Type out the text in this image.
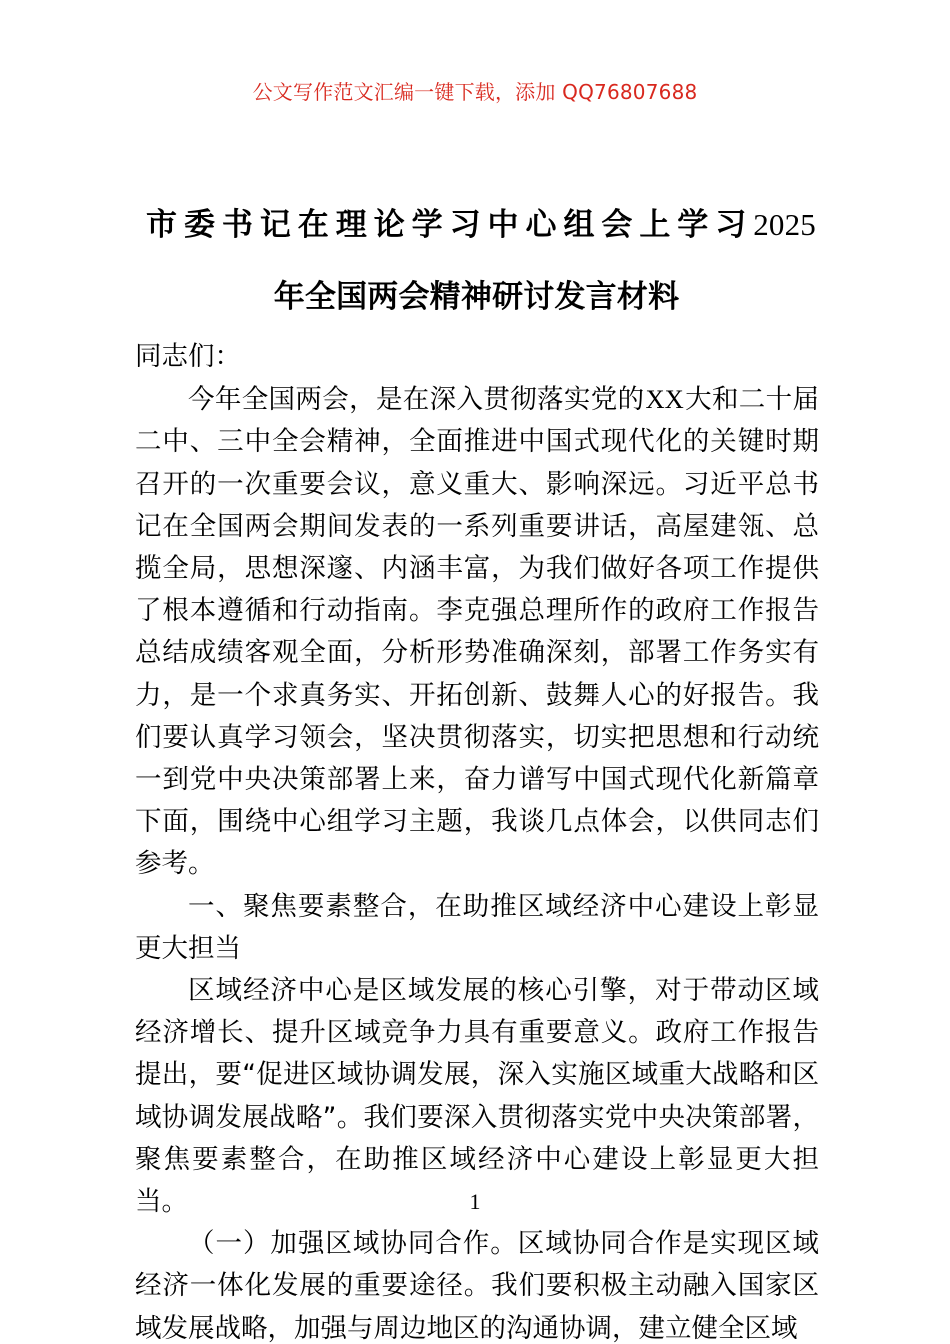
公文写作范文汇编一键下载，添加 QQ76807688
市委书记在理论学习中心组会上学习2025
年全国两会精神研讨发言材料

同志们：

今年全国两会，是在深入贯彻落实党的XX大和二十届二中、三中全会精神，全面推进中国式现代化的关键时期召开的一次重要会议，意义重大、影响深远。习近平总书记在全国两会期间发表的一系列重要讲话，高屋建瓴、总揽全局，思想深邃、内涵丰富，为我们做好各项工作提供了根本遵循和行动指南。李克强总理所作的政府工作报告总结成绩客观全面，分析形势准确深刻，部署工作务实有力，是一个求真务实、开拓创新、鼓舞人心的好报告。我们要认真学习领会，坚决贯彻落实，切实把思想和行动统一到党中央决策部署上来，奋力谱写中国式现代化新篇章下面，围绕中心组学习主题，我谈几点体会，以供同志们参考。

一、聚焦要素整合，在助推区域经济中心建设上彰显更大担当

区域经济中心是区域发展的核心引擎，对于带动区域经济增长、提升区域竞争力具有重要意义。政府工作报告提出，要“促进区域协调发展，深入实施区域重大战略和区域协调发展战略”。我们要深入贯彻落实党中央决策部署，聚焦要素整合，在助推区域经济中心建设上彰显更大担当。

（一）加强区域协同合作。区域协同合作是实现区域经济一体化发展的重要途径。我们要积极主动融入国家区域发展战略，加强与周边地区的沟通协调，建立健全区域

1
